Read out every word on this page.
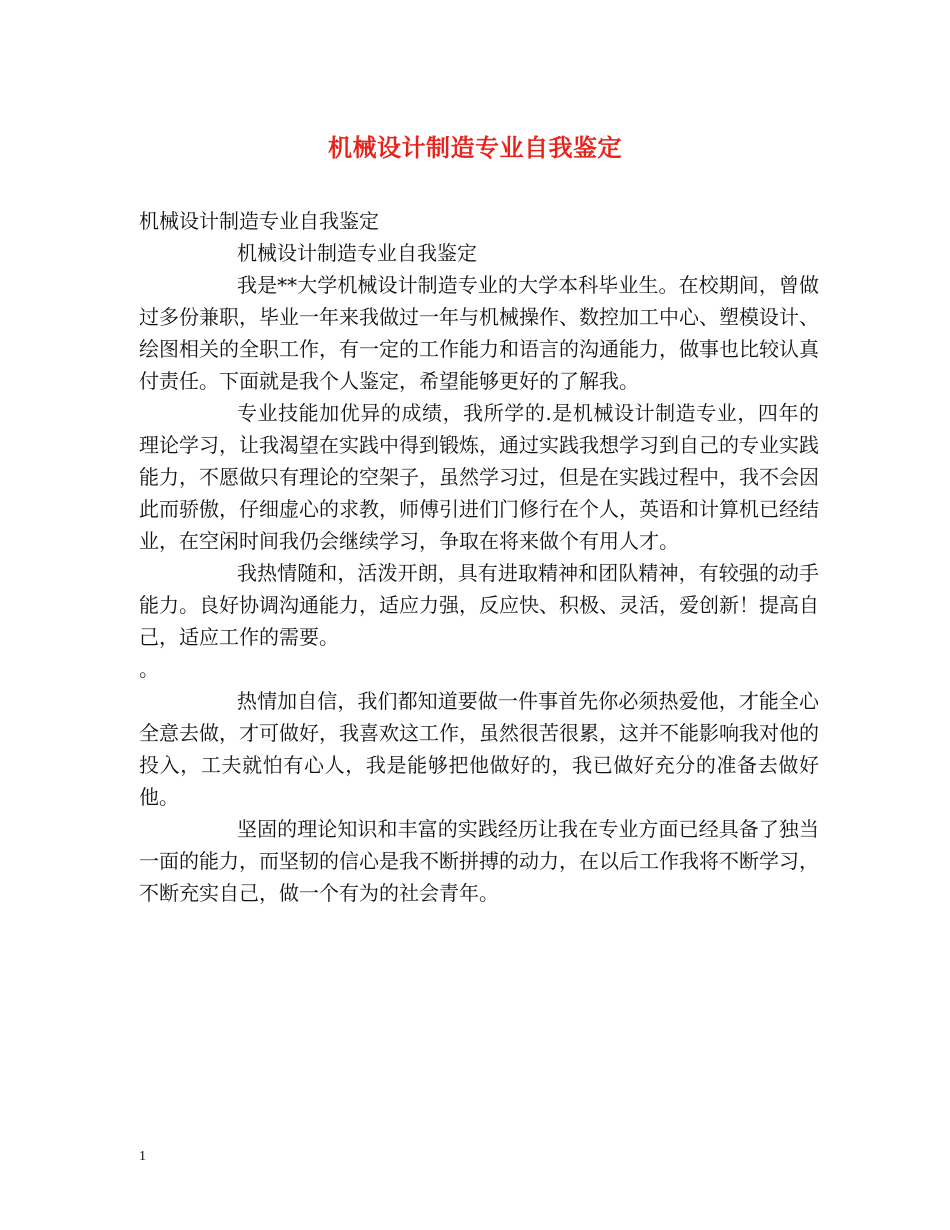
机械设计制造专业自我鉴定

机械设计制造专业自我鉴定

机械设计制造专业自我鉴定

我是**大学机械设计制造专业的大学本科毕业生。在校期间，曾做过多份兼职，毕业一年来我做过一年与机械操作、数控加工中心、塑模设计、绘图相关的全职工作，有一定的工作能力和语言的沟通能力，做事也比较认真付责任。下面就是我个人鉴定，希望能够更好的了解我。

专业技能加优异的成绩，我所学的.是机械设计制造专业，四年的理论学习，让我渴望在实践中得到锻炼，通过实践我想学习到自己的专业实践能力，不愿做只有理论的空架子，虽然学习过，但是在实践过程中，我不会因此而骄傲，仔细虚心的求教，师傅引进们门修行在个人，英语和计算机已经结业，在空闲时间我仍会继续学习，争取在将来做个有用人才。

我热情随和，活泼开朗，具有进取精神和团队精神，有较强的动手能力。良好协调沟通能力，适应力强，反应快、积极、灵活，爱创新！提高自己，适应工作的需要。

。

热情加自信，我们都知道要做一件事首先你必须热爱他，才能全心全意去做，才可做好，我喜欢这工作，虽然很苦很累，这并不能影响我对他的投入，工夫就怕有心人，我是能够把他做好的，我已做好充分的准备去做好他。

坚固的理论知识和丰富的实践经历让我在专业方面已经具备了独当一面的能力，而坚韧的信心是我不断拼搏的动力，在以后工作我将不断学习，不断充实自己，做一个有为的社会青年。

1
